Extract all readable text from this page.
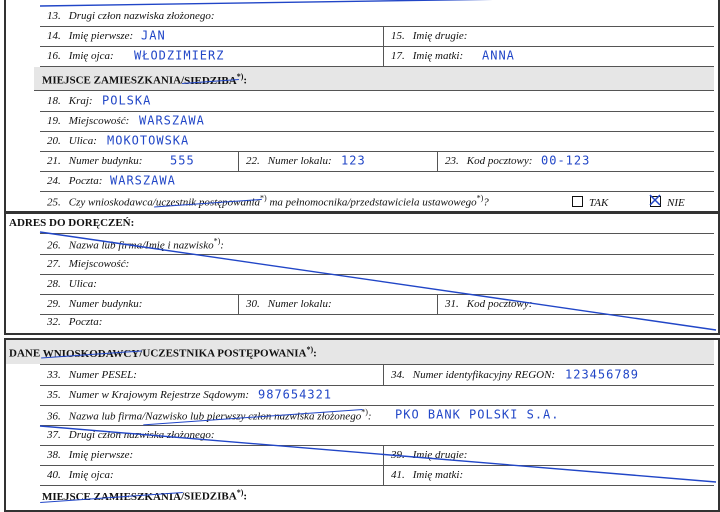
13. Drugi człon nazwiska złożonego:
14. Imię pierwsze: JAN	15. Imię drugie:
16. Imię ojca: WŁODZIMIERZ	17. Imię matki: ANNA
MIEJSCE ZAMIESZKANIA/SIEDZIBA*):
18. Kraj: POLSKA
19. Miejscowość: WARSZAWA
20. Ulica: MOKOTOWSKA
21. Numer budynku: 555	22. Numer lokalu: 123	23. Kod pocztowy: 00-123
24. Poczta: WARSZAWA
25. Czy wnioskodawca/uczestnik postępowania*) ma pełnomocnika/przedstawiciela ustawowego*)?	TAK	NIE
ADRES DO DORĘCZEŃ:
26. Nazwa lub firma/Imię i nazwisko*):
27. Miejscowość:
28. Ulica:
29. Numer budynku:	30. Numer lokalu:	31. Kod pocztowy:
32. Poczta:
DANE WNIOSKODAWCY/UCZESTNIKA POSTĘPOWANIA*):
33. Numer PESEL:	34. Numer identyfikacyjny REGON: 123456789
35. Numer w Krajowym Rejestrze Sądowym: 987654321
36. Nazwa lub firma/Nazwisko lub pierwszy człon nazwiska złożonego*): PKO BANK POLSKI S.A.
37. Drugi człon nazwiska złożonego:
38. Imię pierwsze:	39. Imię drugie:
40. Imię ojca:	41. Imię matki:
MIEJSCE ZAMIESZKANIA/SIEDZIBA*):
